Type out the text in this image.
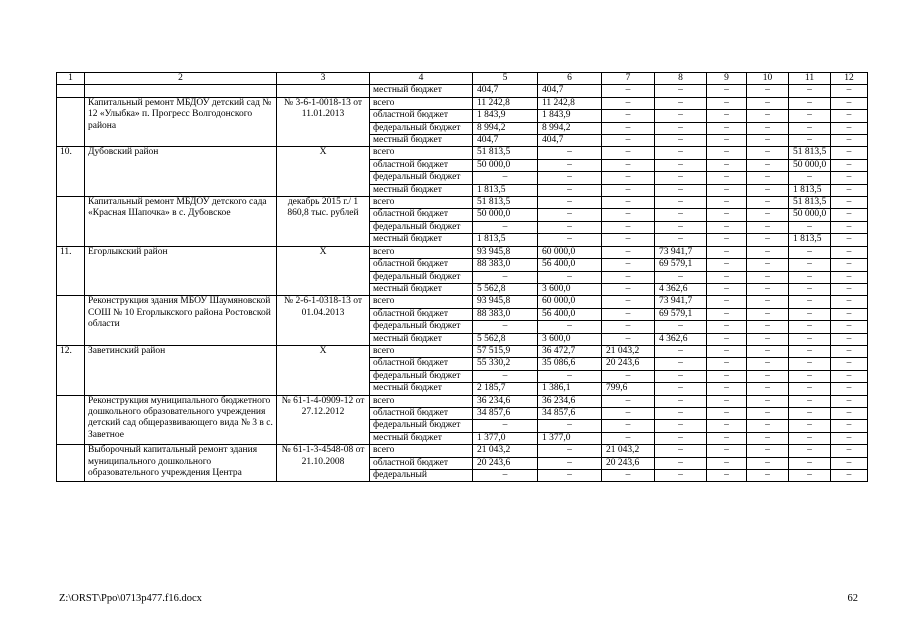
1	2	3	4	5	6	7	8	9	10	11	12
			местный бюджет	404,7	404,7	–	–	–	–	–	–
	Капитальный ремонт МБДОУ детский сад № 12 «Улыбка» п. Прогресс Волгодонского района	№ 3-6-1-0018-13 от 11.01.2013	всего	11 242,8	11 242,8	–	–	–	–	–	–
			областной бюджет	1 843,9	1 843,9	–	–	–	–	–	–
			федеральный бюджет	8 994,2	8 994,2	–	–	–	–	–	–
			местный бюджет	404,7	404,7	–	–	–	–	–	–
10.	Дубовский район	Х	всего	51 813,5	–	–	–	–	–	51 813,5	–
			областной бюджет	50 000,0	–	–	–	–	–	50 000,0	–
			федеральный бюджет	–	–	–	–	–	–	–	–
			местный бюджет	1 813,5	–	–	–	–	–	1 813,5	–
	Капитальный ремонт МБДОУ детского сада «Красная Шапочка» в с. Дубовское	декабрь 2015 г./ 1 860,8 тыс. рублей	всего	51 813,5	–	–	–	–	–	51 813,5	–
			областной бюджет	50 000,0	–	–	–	–	–	50 000,0	–
			федеральный бюджет	–	–	–	–	–	–	–	–
			местный бюджет	1 813,5	–	–	–	–	–	1 813,5	–
11.	Егорлыкский район	Х	всего	93 945,8	60 000,0	–	73 941,7	–	–	–	–
			областной бюджет	88 383,0	56 400,0	–	69 579,1	–	–	–	–
			федеральный бюджет	–	–	–	–	–	–	–	–
			местный бюджет	5 562,8	3 600,0	–	4 362,6	–	–	–	–
	Реконструкция здания МБОУ Шаумяновской СОШ № 10 Егорлыкского района Ростовской области	№ 2-6-1-0318-13 от 01.04.2013	всего	93 945,8	60 000,0	–	73 941,7	–	–	–	–
			областной бюджет	88 383,0	56 400,0	–	69 579,1	–	–	–	–
			федеральный бюджет	–	–	–	–	–	–	–	–
			местный бюджет	5 562,8	3 600,0	–	4 362,6	–	–	–	–
12.	Заветинский район	Х	всего	57 515,9	36 472,7	21 043,2	–	–	–	–	–
			областной бюджет	55 330,2	35 086,6	20 243,6	–	–	–	–	–
			федеральный бюджет	–	–	–	–	–	–	–	–
			местный бюджет	2 185,7	1 386,1	799,6	–	–	–	–	–
	Реконструкция муниципального бюджетного дошкольного образовательного учреждения детский сад общеразвивающего вида № 3 в с. Заветное	№ 61-1-4-0909-12 от 27.12.2012	всего	36 234,6	36 234,6	–	–	–	–	–	–
			областной бюджет	34 857,6	34 857,6	–	–	–	–	–	–
			федеральный бюджет	–	–	–	–	–	–	–	–
			местный бюджет	1 377,0	1 377,0	–	–	–	–	–	–
	Выборочный капитальный ремонт здания муниципального дошкольного образовательного учреждения Центра	№ 61-1-3-4548-08 от 21.10.2008	всего	21 043,2	–	21 043,2	–	–	–	–	–
			областной бюджет	20 243,6	–	20 243,6	–	–	–	–	–
			федеральный	–	–	–	–	–	–	–	–
Z:\ORST\Ppo\0713p477.f16.docx	62
